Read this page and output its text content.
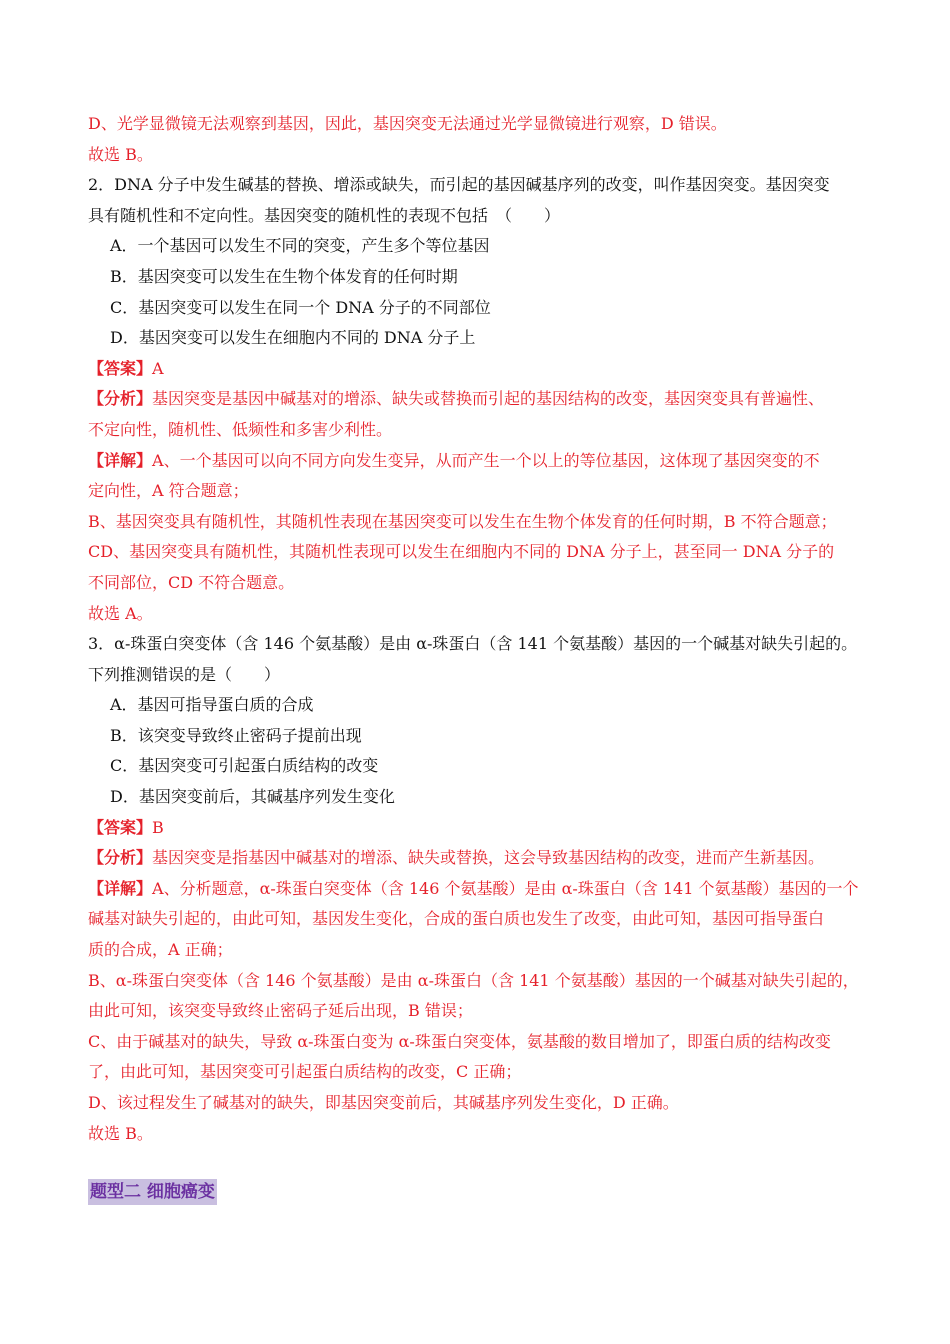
D、光学显微镜无法观察到基因，因此，基因突变无法通过光学显微镜进行观察，D 错误。
故选 B。
2．DNA 分子中发生碱基的替换、增添或缺失，而引起的基因碱基序列的改变，叫作基因突变。基因突变
具有随机性和不定向性。基因突变的随机性的表现不包括　（　　）
A．一个基因可以发生不同的突变，产生多个等位基因
B．基因突变可以发生在生物个体发育的任何时期
C．基因突变可以发生在同一个 DNA 分子的不同部位
D．基因突变可以发生在细胞内不同的 DNA 分子上
【答案】A
【分析】基因突变是基因中碱基对的增添、缺失或替换而引起的基因结构的改变，基因突变具有普遍性、
不定向性，随机性、低频性和多害少利性。
【详解】A、一个基因可以向不同方向发生变异，从而产生一个以上的等位基因，这体现了基因突变的不
定向性，A 符合题意；
B、基因突变具有随机性，其随机性表现在基因突变可以发生在生物个体发育的任何时期，B 不符合题意；
CD、基因突变具有随机性，其随机性表现可以发生在细胞内不同的 DNA 分子上，甚至同一 DNA 分子的
不同部位，CD 不符合题意。
故选 A。
3．α-珠蛋白突变体（含 146 个氨基酸）是由 α-珠蛋白（含 141 个氨基酸）基因的一个碱基对缺失引起的。
下列推测错误的是（　　）
A．基因可指导蛋白质的合成
B．该突变导致终止密码子提前出现
C．基因突变可引起蛋白质结构的改变
D．基因突变前后，其碱基序列发生变化
【答案】B
【分析】基因突变是指基因中碱基对的增添、缺失或替换，这会导致基因结构的改变，进而产生新基因。
【详解】A、分析题意，α-珠蛋白突变体（含 146 个氨基酸）是由 α-珠蛋白（含 141 个氨基酸）基因的一个
碱基对缺失引起的，由此可知，基因发生变化，合成的蛋白质也发生了改变，由此可知，基因可指导蛋白
质的合成，A 正确；
B、α-珠蛋白突变体（含 146 个氨基酸）是由 α-珠蛋白（含 141 个氨基酸）基因的一个碱基对缺失引起的，
由此可知，该突变导致终止密码子延后出现，B 错误；
C、由于碱基对的缺失，导致 α-珠蛋白变为 α-珠蛋白突变体，氨基酸的数目增加了，即蛋白质的结构改变
了，由此可知，基因突变可引起蛋白质结构的改变，C 正确；
D、该过程发生了碱基对的缺失，即基因突变前后，其碱基序列发生变化，D 正确。
故选 B。
题型二 细胞癌变
